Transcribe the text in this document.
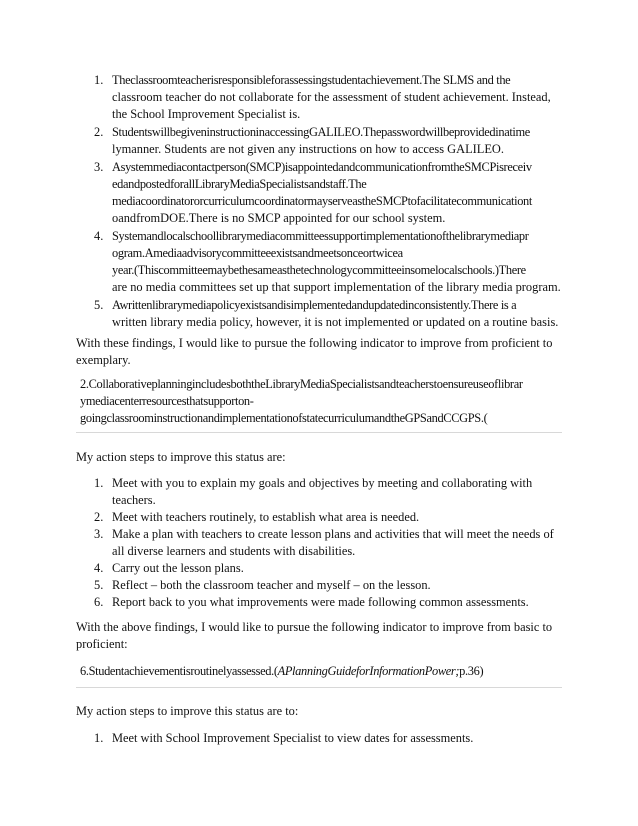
1. Theclassroomteacherisresponsibleforassessingstudentachievement.The SLMS and the
classroom teacher do not collaborate for the assessment of student achievement. Instead,
the School Improvement Specialist is.
2. StudentswillbegiveninstructioninaccessingGALILEO.Thepasswordwillbeprovidedinatime
lymanner. Students are not given any instructions on how to access GALILEO.
3. Asystemmediacontactperson(SMCP)isappointedandcommunicationfromtheSMCPisreceiv
edandpostedforallLibraryMediaSpecialistsandstaff.The
mediacoordinatororcurriculumcoordinatormayserveastheSMCPtofacilitatecommunicationt
oandfromDOE.There is no SMCP appointed for our school system.
4. Systemandlocalschoollibrarymediacommitteessupportimplementationofthelibrarymediapr
ogram.Amediaadvisorycommitteeexistsandmeetsonceortwicea
year.(Thiscommitteemaybethesameasthetechnologycommitteeinsomelocalschools.)There
are no media committees set up that support implementation of the library media program.
5. Awrittenlibrarymediapolicyexistsandisimplementedandupdatedinconsistently.There is a
written library media policy, however, it is not implemented or updated on a routine basis.
With these findings, I would like to pursue the following indicator to improve from proficient to
exemplary.
2.CollaborativeplanningincludesboththeLibraryMediaSpecialistsandteacherstoensureuseoflibrar
ymediacenterresourcesthatsupporton-
goingclassroominstructionandimplementationofstatecurriculumandtheGPSandCCGPS.(
My action steps to improve this status are:
1. Meet with you to explain my goals and objectives by meeting and collaborating with
teachers.
2. Meet with teachers routinely, to establish what area is needed.
3. Make a plan with teachers to create lesson plans and activities that will meet the needs of
all diverse learners and students with disabilities.
4. Carry out the lesson plans.
5. Reflect – both the classroom teacher and myself – on the lesson.
6. Report back to you what improvements were made following common assessments.
With the above findings, I would like to pursue the following indicator to improve from basic to
proficient:
6.Studentachievementisroutinelyassessed.(APlanningGuideforInformationPower;p.36)
My action steps to improve this status are to:
1. Meet with School Improvement Specialist to view dates for assessments.
